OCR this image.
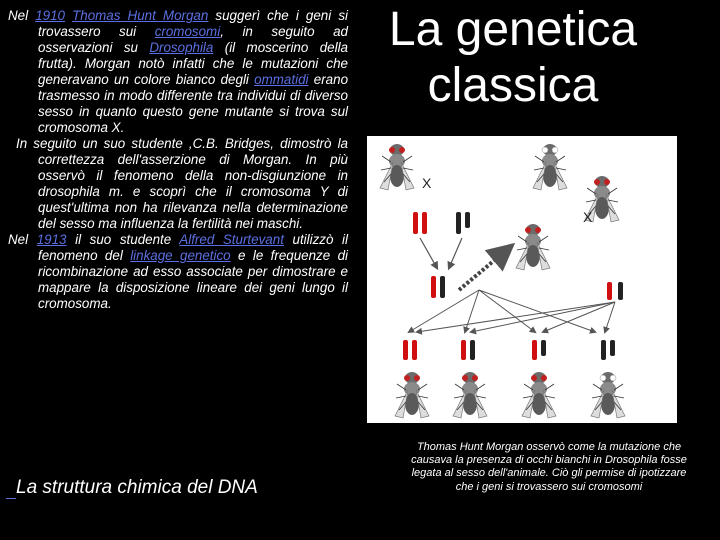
Nel 1910 Thomas Hunt Morgan suggerì che i geni si trovassero sui cromosomi, in seguito ad osservazioni su Drosophila (il moscerino della frutta). Morgan notò infatti che le mutazioni che generavano un colore bianco degli ommatidi erano trasmesso in modo differente tra individui di diverso sesso in quanto questo gene mutante si trova sul cromosoma X.

In seguito un suo studente ,C.B. Bridges, dimostrò la correttezza dell'asserzione di Morgan. In più osservò il fenomeno della non-disgiunzione in drosophila m. e scoprì che il cromosoma Y di quest'ultima non ha rilevanza nella determinazione del sesso ma influenza la fertilità nei maschi.

Nel 1913 il suo studente Alfred Sturtevant utilizzò il fenomeno del linkage genetico e le frequenze di ricombinazione ad esso associate per dimostrare e mappare la disposizione lineare dei geni lungo il cromosoma.

La struttura chimica del DNA
La genetica
classica
X
X
Thomas Hunt Morgan osservò come la mutazione che causava la presenza di occhi bianchi in Drosophila fosse legata al sesso dell'animale. Ciò gli permise di ipotizzare che i geni si trovassero sui cromosomi
